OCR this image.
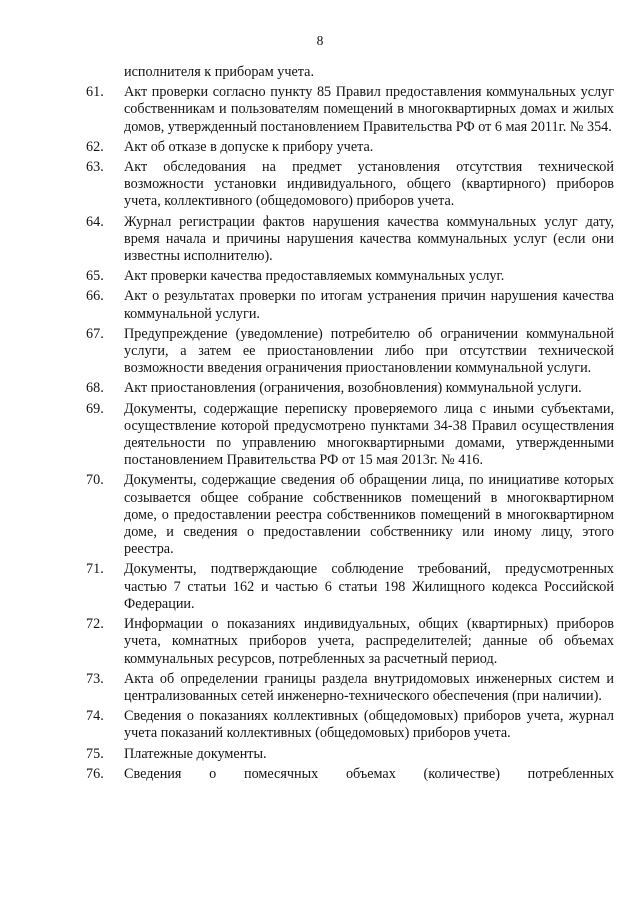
8
исполнителя к приборам учета.
61.	Акт проверки согласно пункту 85 Правил предоставления коммунальных услуг собственникам и пользователям помещений в многоквартирных домах и жилых домов, утвержденный постановлением Правительства РФ от 6 мая 2011г. № 354.
62.	Акт об отказе в допуске к прибору учета.
63.	Акт обследования на предмет установления отсутствия технической возможности установки индивидуального, общего (квартирного) приборов учета, коллективного (общедомового) приборов учета.
64.	Журнал регистрации фактов нарушения качества коммунальных услуг дату, время начала и причины нарушения качества коммунальных услуг (если они известны исполнителю).
65.	Акт проверки качества предоставляемых коммунальных услуг.
66.	Акт о результатах проверки по итогам устранения причин нарушения качества коммунальной услуги.
67.	Предупреждение (уведомление) потребителю об ограничении коммунальной услуги, а затем ее приостановлении либо при отсутствии технической возможности введения ограничения приостановлении коммунальной услуги.
68.	Акт приостановления (ограничения, возобновления) коммунальной услуги.
69.	Документы, содержащие переписку проверяемого лица с иными субъектами, осуществление которой предусмотрено пунктами 34-38 Правил осуществления деятельности по управлению многоквартирными домами, утвержденными постановлением Правительства РФ от 15 мая 2013г. № 416.
70.	Документы, содержащие сведения об обращении лица, по инициативе которых созывается общее собрание собственников помещений в многоквартирном доме, о предоставлении реестра собственников помещений в многоквартирном доме, и сведения о предоставлении собственнику или иному лицу, этого реестра.
71.	Документы, подтверждающие соблюдение требований, предусмотренных частью 7 статьи 162 и частью 6 статьи 198 Жилищного кодекса Российской Федерации.
72.	Информации о показаниях индивидуальных, общих (квартирных) приборов учета, комнатных приборов учета, распределителей; данные об объемах коммунальных ресурсов, потребленных за расчетный период.
73.	Акта об определении границы раздела внутридомовых инженерных систем и централизованных сетей инженерно-технического обеспечения (при наличии).
74.	Сведения о показаниях коллективных (общедомовых) приборов учета, журнал учета показаний коллективных (общедомовых) приборов учета.
75.	Платежные документы.
76.	Сведения о помесячных объемах (количестве) потребленных
